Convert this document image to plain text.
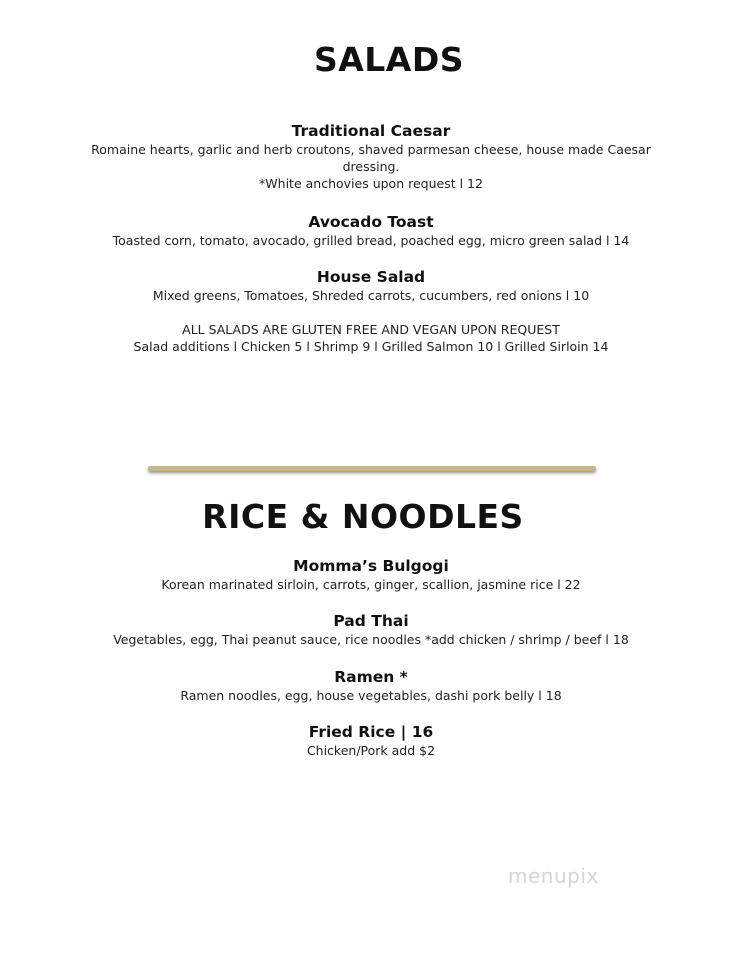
SALADS
Traditional Caesar
Romaine hearts, garlic and herb croutons, shaved parmesan cheese, house made Caesar dressing.
*White anchovies upon request l 12
Avocado Toast
Toasted corn, tomato, avocado, grilled bread, poached egg, micro green salad l 14
House Salad
Mixed greens, Tomatoes, Shreded carrots, cucumbers, red onions l 10
ALL SALADS ARE GLUTEN FREE AND VEGAN UPON REQUEST
Salad additions l Chicken 5 l Shrimp 9 l Grilled Salmon 10 l Grilled Sirloin 14
RICE & NOODLES
Momma’s Bulgogi
Korean marinated sirloin, carrots, ginger, scallion, jasmine rice l 22
Pad Thai
Vegetables, egg, Thai peanut sauce, rice noodles *add chicken / shrimp / beef l 18
Ramen *
Ramen noodles, egg, house vegetables, dashi pork belly l 18
Fried Rice | 16
Chicken/Pork add $2
menupix
